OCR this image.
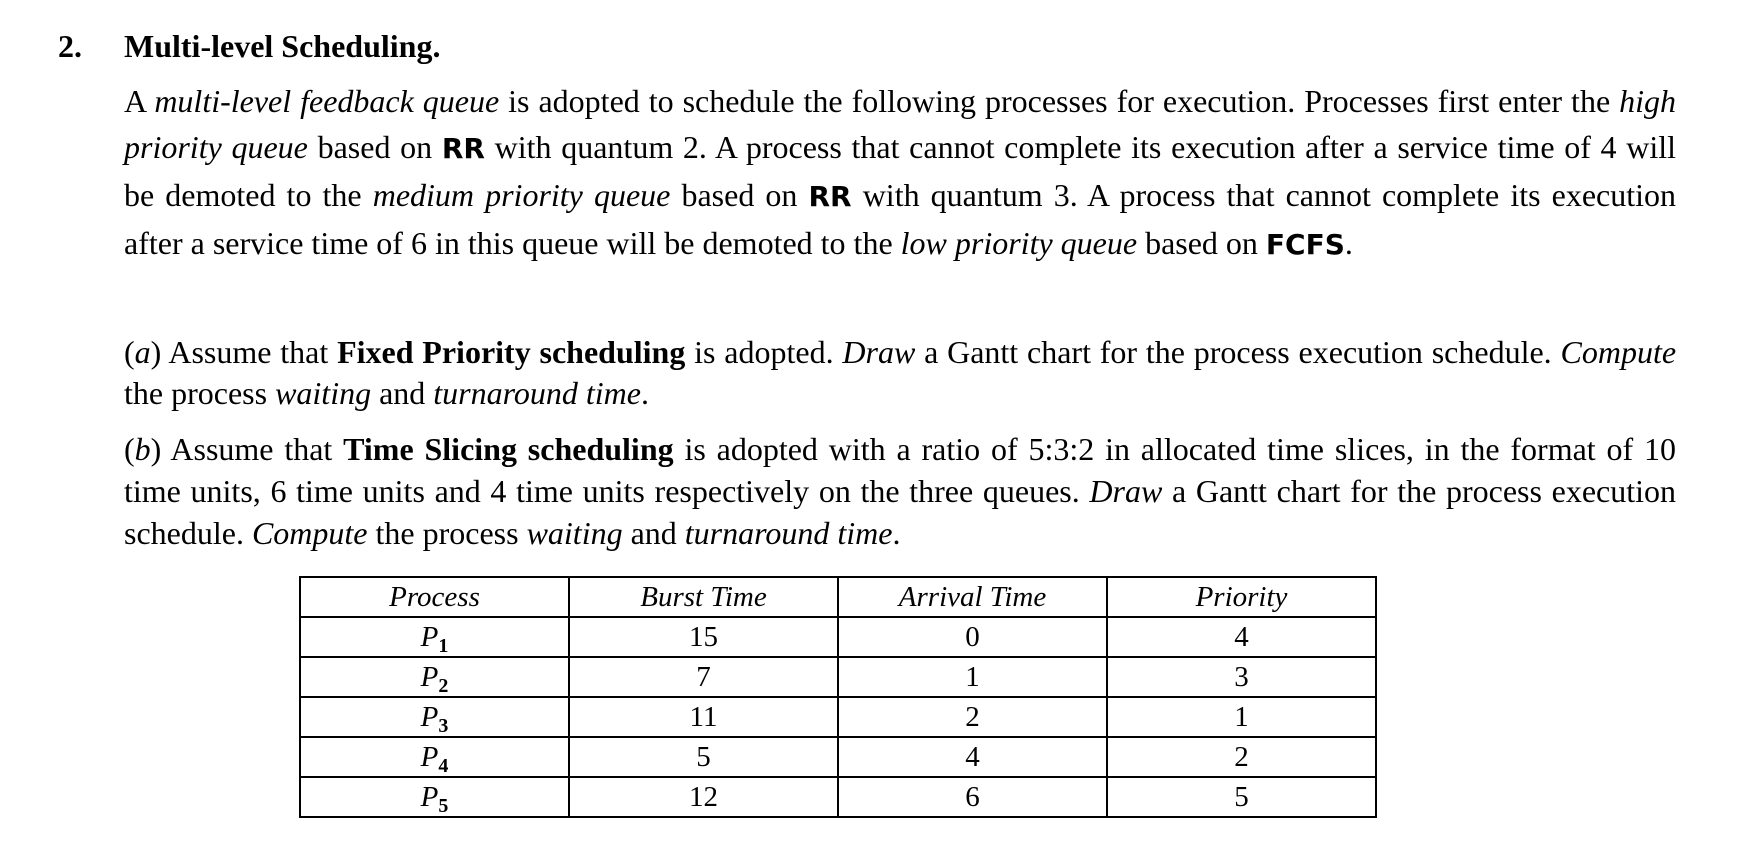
2. Multi-level Scheduling.
A multi-level feedback queue is adopted to schedule the following processes for execution. Processes first enter the high priority queue based on RR with quantum 2. A process that cannot complete its execution after a service time of 4 will be demoted to the medium priority queue based on RR with quantum 3. A process that cannot complete its execution after a service time of 6 in this queue will be demoted to the low priority queue based on FCFS.
(a) Assume that Fixed Priority scheduling is adopted. Draw a Gantt chart for the process execution schedule. Compute the process waiting and turnaround time.
(b) Assume that Time Slicing scheduling is adopted with a ratio of 5:3:2 in allocated time slices, in the format of 10 time units, 6 time units and 4 time units respectively on the three queues. Draw a Gantt chart for the process execution schedule. Compute the process waiting and turnaround time.
Process	Burst Time	Arrival Time	Priority
$P_1$	15	0	4
$P_2$	7	1	3
$P_3$	11	2	1
$P_4$	5	4	2
$P_5$	12	6	5
